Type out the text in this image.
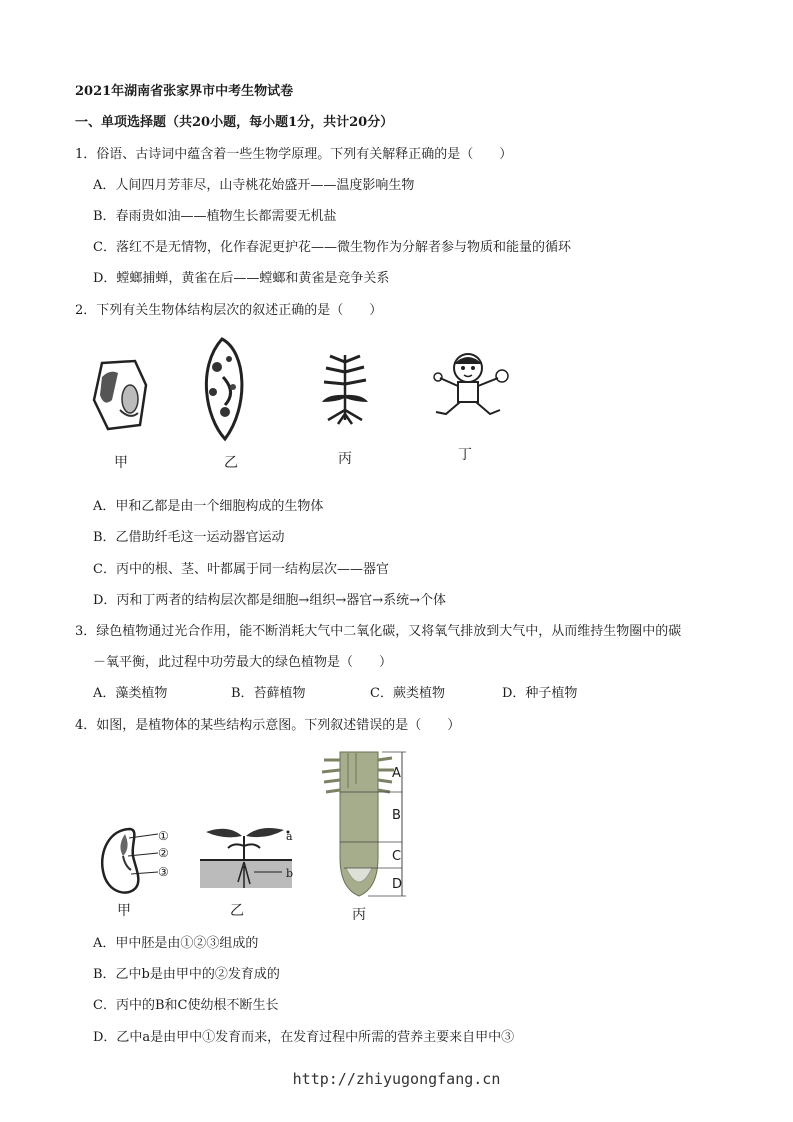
2021年湖南省张家界市中考生物试卷
一、单项选择题（共20小题，每小题1分，共计20分）
1．俗语、古诗词中蕴含着一些生物学原理。下列有关解释正确的是（　　）
A．人间四月芳菲尽，山寺桃花始盛开——温度影响生物
B．春雨贵如油——植物生长都需要无机盐
C．落红不是无情物，化作春泥更护花——微生物作为分解者参与物质和能量的循环
D．螳螂捕蝉，黄雀在后——螳螂和黄雀是竞争关系
2．下列有关生物体结构层次的叙述正确的是（　　）
甲	乙	丙	丁
A．甲和乙都是由一个细胞构成的生物体
B．乙借助纤毛这一运动器官运动
C．丙中的根、茎、叶都属于同一结构层次——器官
D．丙和丁两者的结构层次都是细胞→组织→器官→系统→个体
3．绿色植物通过光合作用，能不断消耗大气中二氧化碳，又将氧气排放到大气中，从而维持生物圈中的碳
－氧平衡，此过程中功劳最大的绿色植物是（　　）
A．藻类植物	B．苔藓植物	C．蕨类植物	D．种子植物
4．如图，是植物体的某些结构示意图。下列叙述错误的是（　　）
①
②
③
a
b
A
B
C
D
甲	乙	丙
A．甲中胚是由①②③组成的
B．乙中b是由甲中的②发育成的
C．丙中的B和C使幼根不断生长
D．乙中a是由甲中①发育而来，在发育过程中所需的营养主要来自甲中③
http://zhiyugongfang.cn
